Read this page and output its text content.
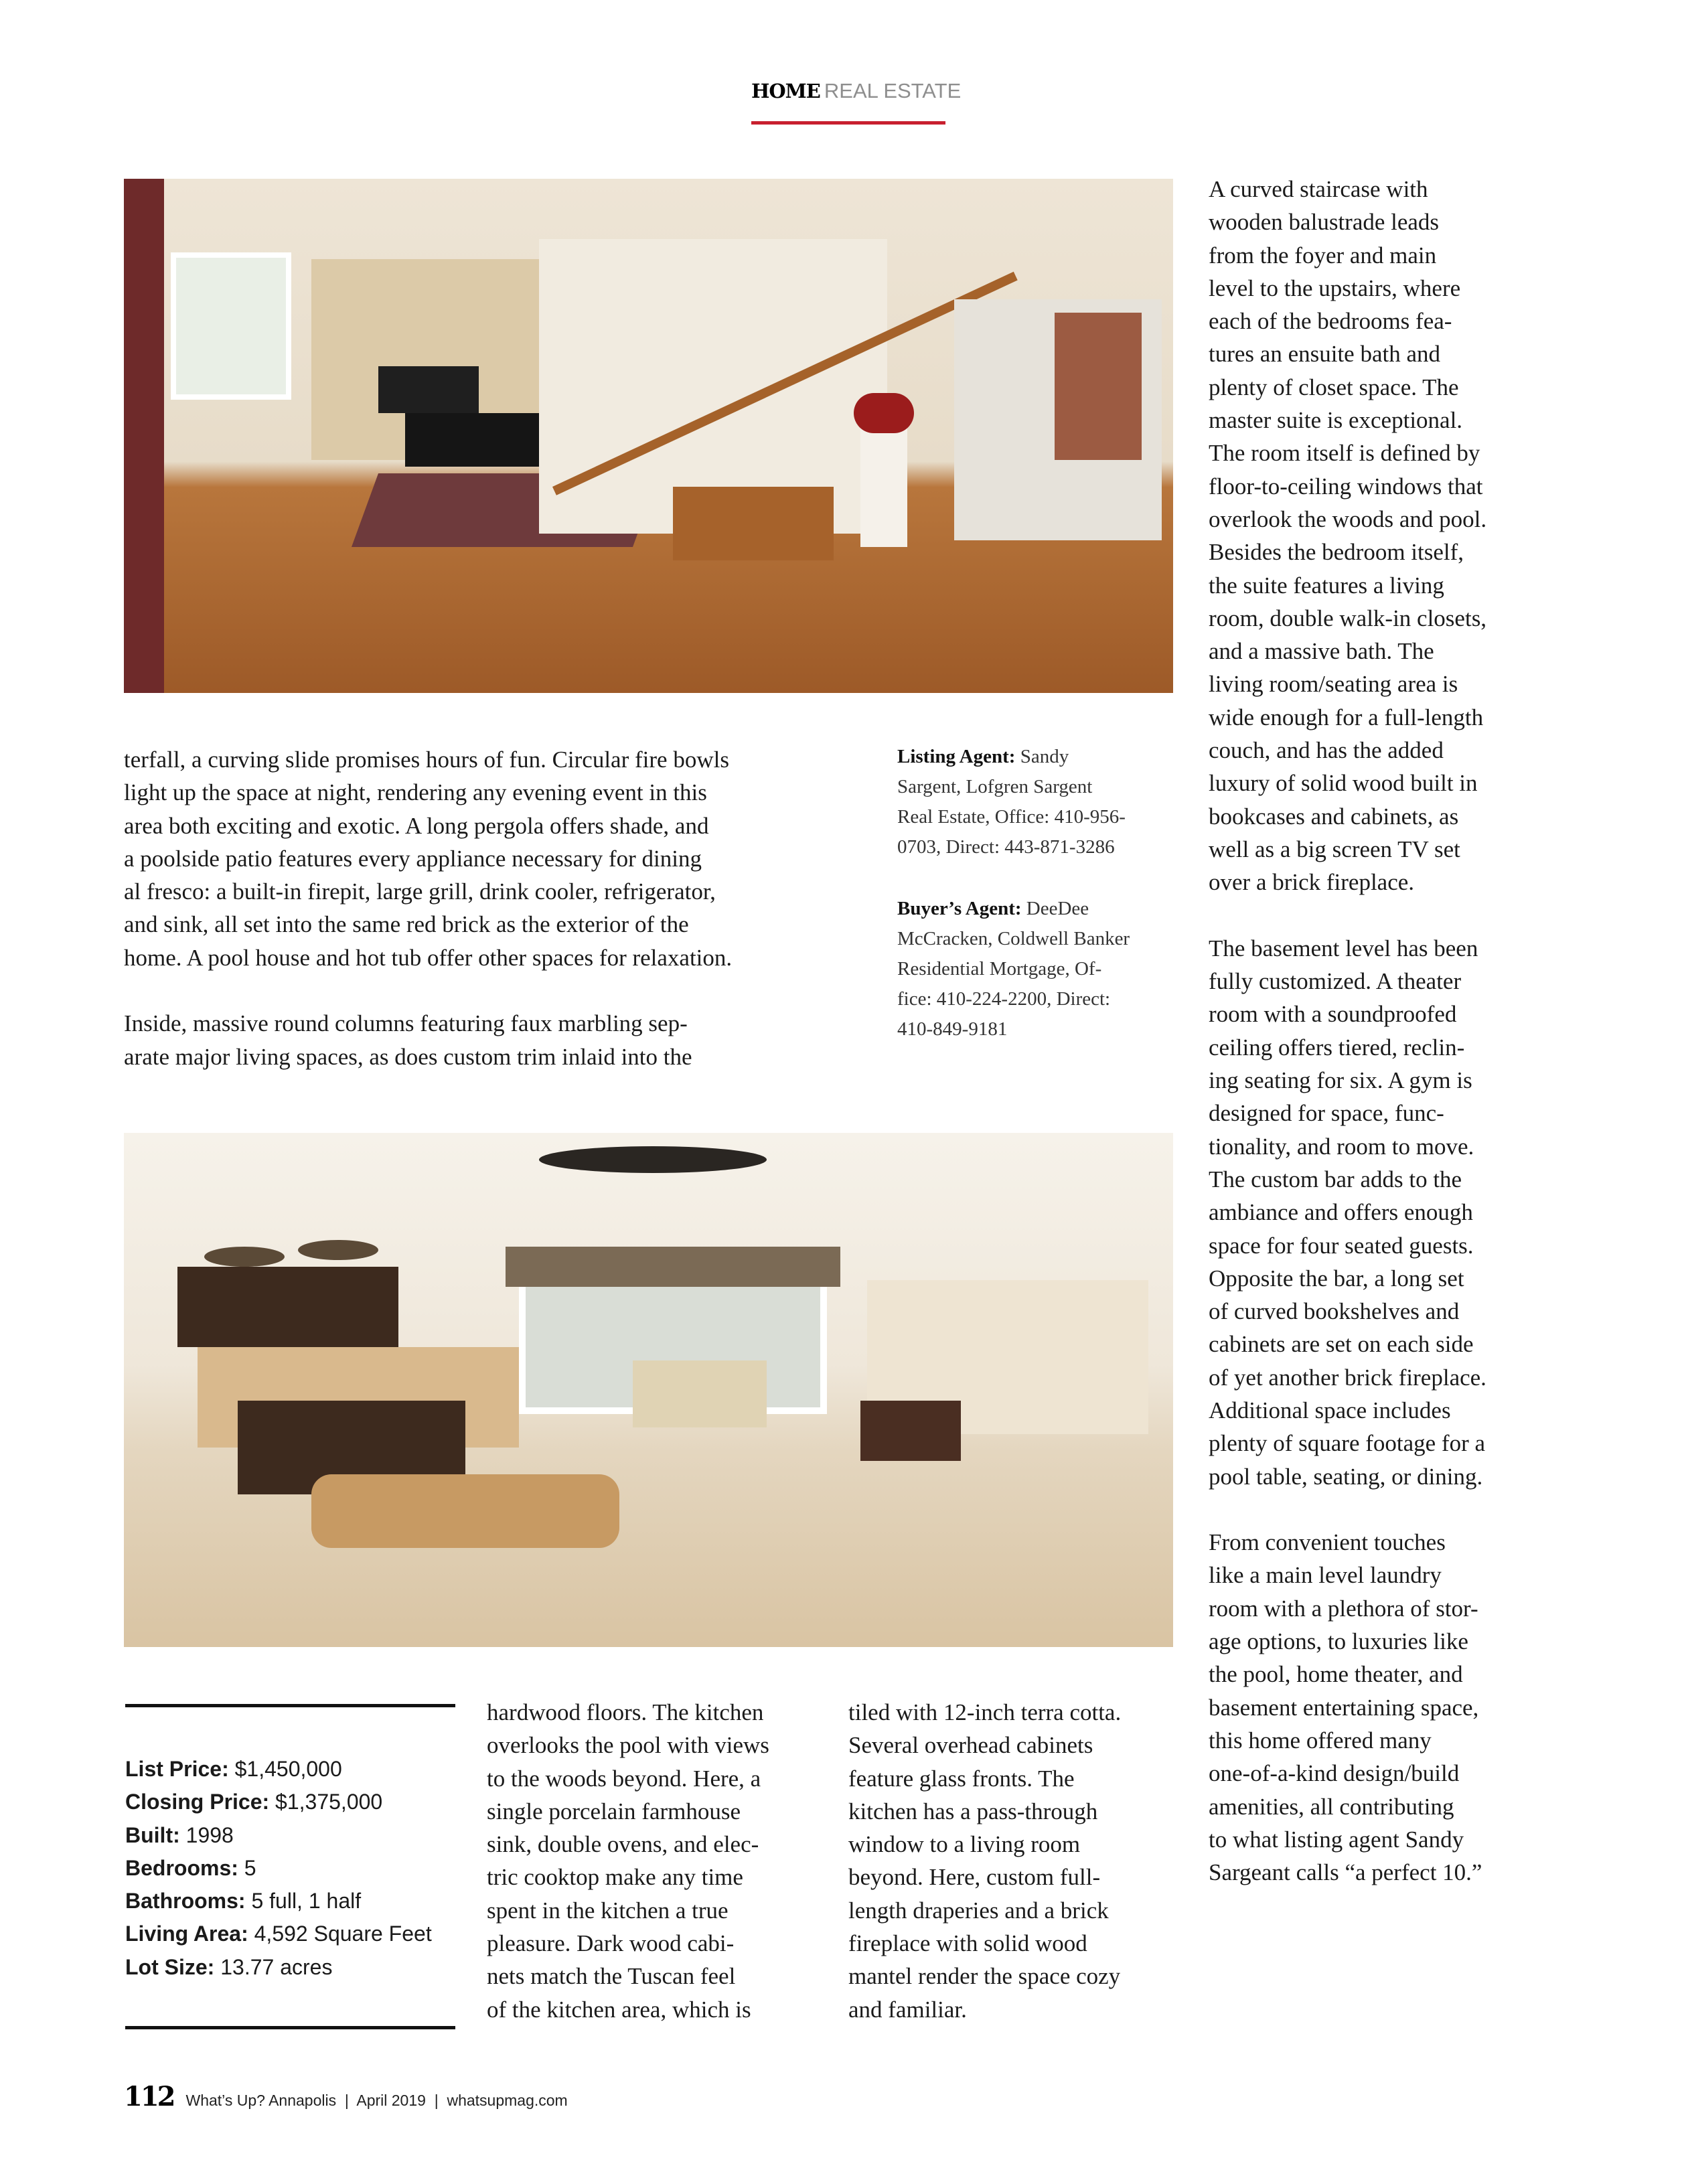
HOME REAL ESTATE
terfall, a curving slide promises hours of fun. Circular fire bowls
light up the space at night, rendering any evening event in this
area both exciting and exotic. A long pergola offers shade, and
a poolside patio features every appliance necessary for dining
al fresco: a built-in firepit, large grill, drink cooler, refrigerator,
and sink, all set into the same red brick as the exterior of the
home. A pool house and hot tub offer other spaces for relaxation.

Inside, massive round columns featuring faux marbling sep-
arate major living spaces, as does custom trim inlaid into the
Listing Agent: Sandy
Sargent, Lofgren Sargent
Real Estate, Office: 410-956-
0703, Direct: 443-871-3286
Buyer’s Agent: DeeDee
McCracken, Coldwell Banker
Residential Mortgage, Of-
fice: 410-224-2200, Direct:
410-849-9181
List Price: $1,450,000
Closing Price: $1,375,000
Built: 1998
Bedrooms: 5
Bathrooms: 5 full, 1 half
Living Area: 4,592 Square Feet
Lot Size: 13.77 acres
hardwood floors. The kitchen
overlooks the pool with views
to the woods beyond. Here, a
single porcelain farmhouse
sink, double ovens, and elec-
tric cooktop make any time
spent in the kitchen a true
pleasure. Dark wood cabi-
nets match the Tuscan feel
of the kitchen area, which is
tiled with 12-inch terra cotta.
Several overhead cabinets
feature glass fronts. The
kitchen has a pass-through
window to a living room
beyond. Here, custom full-
length draperies and a brick
fireplace with solid wood
mantel render the space cozy
and familiar.
A curved staircase with
wooden balustrade leads
from the foyer and main
level to the upstairs, where
each of the bedrooms fea-
tures an ensuite bath and
plenty of closet space. The
master suite is exceptional.
The room itself is defined by
floor-to-ceiling windows that
overlook the woods and pool.
Besides the bedroom itself,
the suite features a living
room, double walk-in closets,
and a massive bath. The
living room/seating area is
wide enough for a full-length
couch, and has the added
luxury of solid wood built in
bookcases and cabinets, as
well as a big screen TV set
over a brick fireplace.

The basement level has been
fully customized. A theater
room with a soundproofed
ceiling offers tiered, reclin-
ing seating for six. A gym is
designed for space, func-
tionality, and room to move.
The custom bar adds to the
ambiance and offers enough
space for four seated guests.
Opposite the bar, a long set
of curved bookshelves and
cabinets are set on each side
of yet another brick fireplace.
Additional space includes
plenty of square footage for a
pool table, seating, or dining.

From convenient touches
like a main level laundry
room with a plethora of stor-
age options, to luxuries like
the pool, home theater, and
basement entertaining space,
this home offered many
one-of-a-kind design/build
amenities, all contributing
to what listing agent Sandy
Sargeant calls “a perfect 10.”
112 What’s Up? Annapolis  |  April 2019  |  whatsupmag.com
